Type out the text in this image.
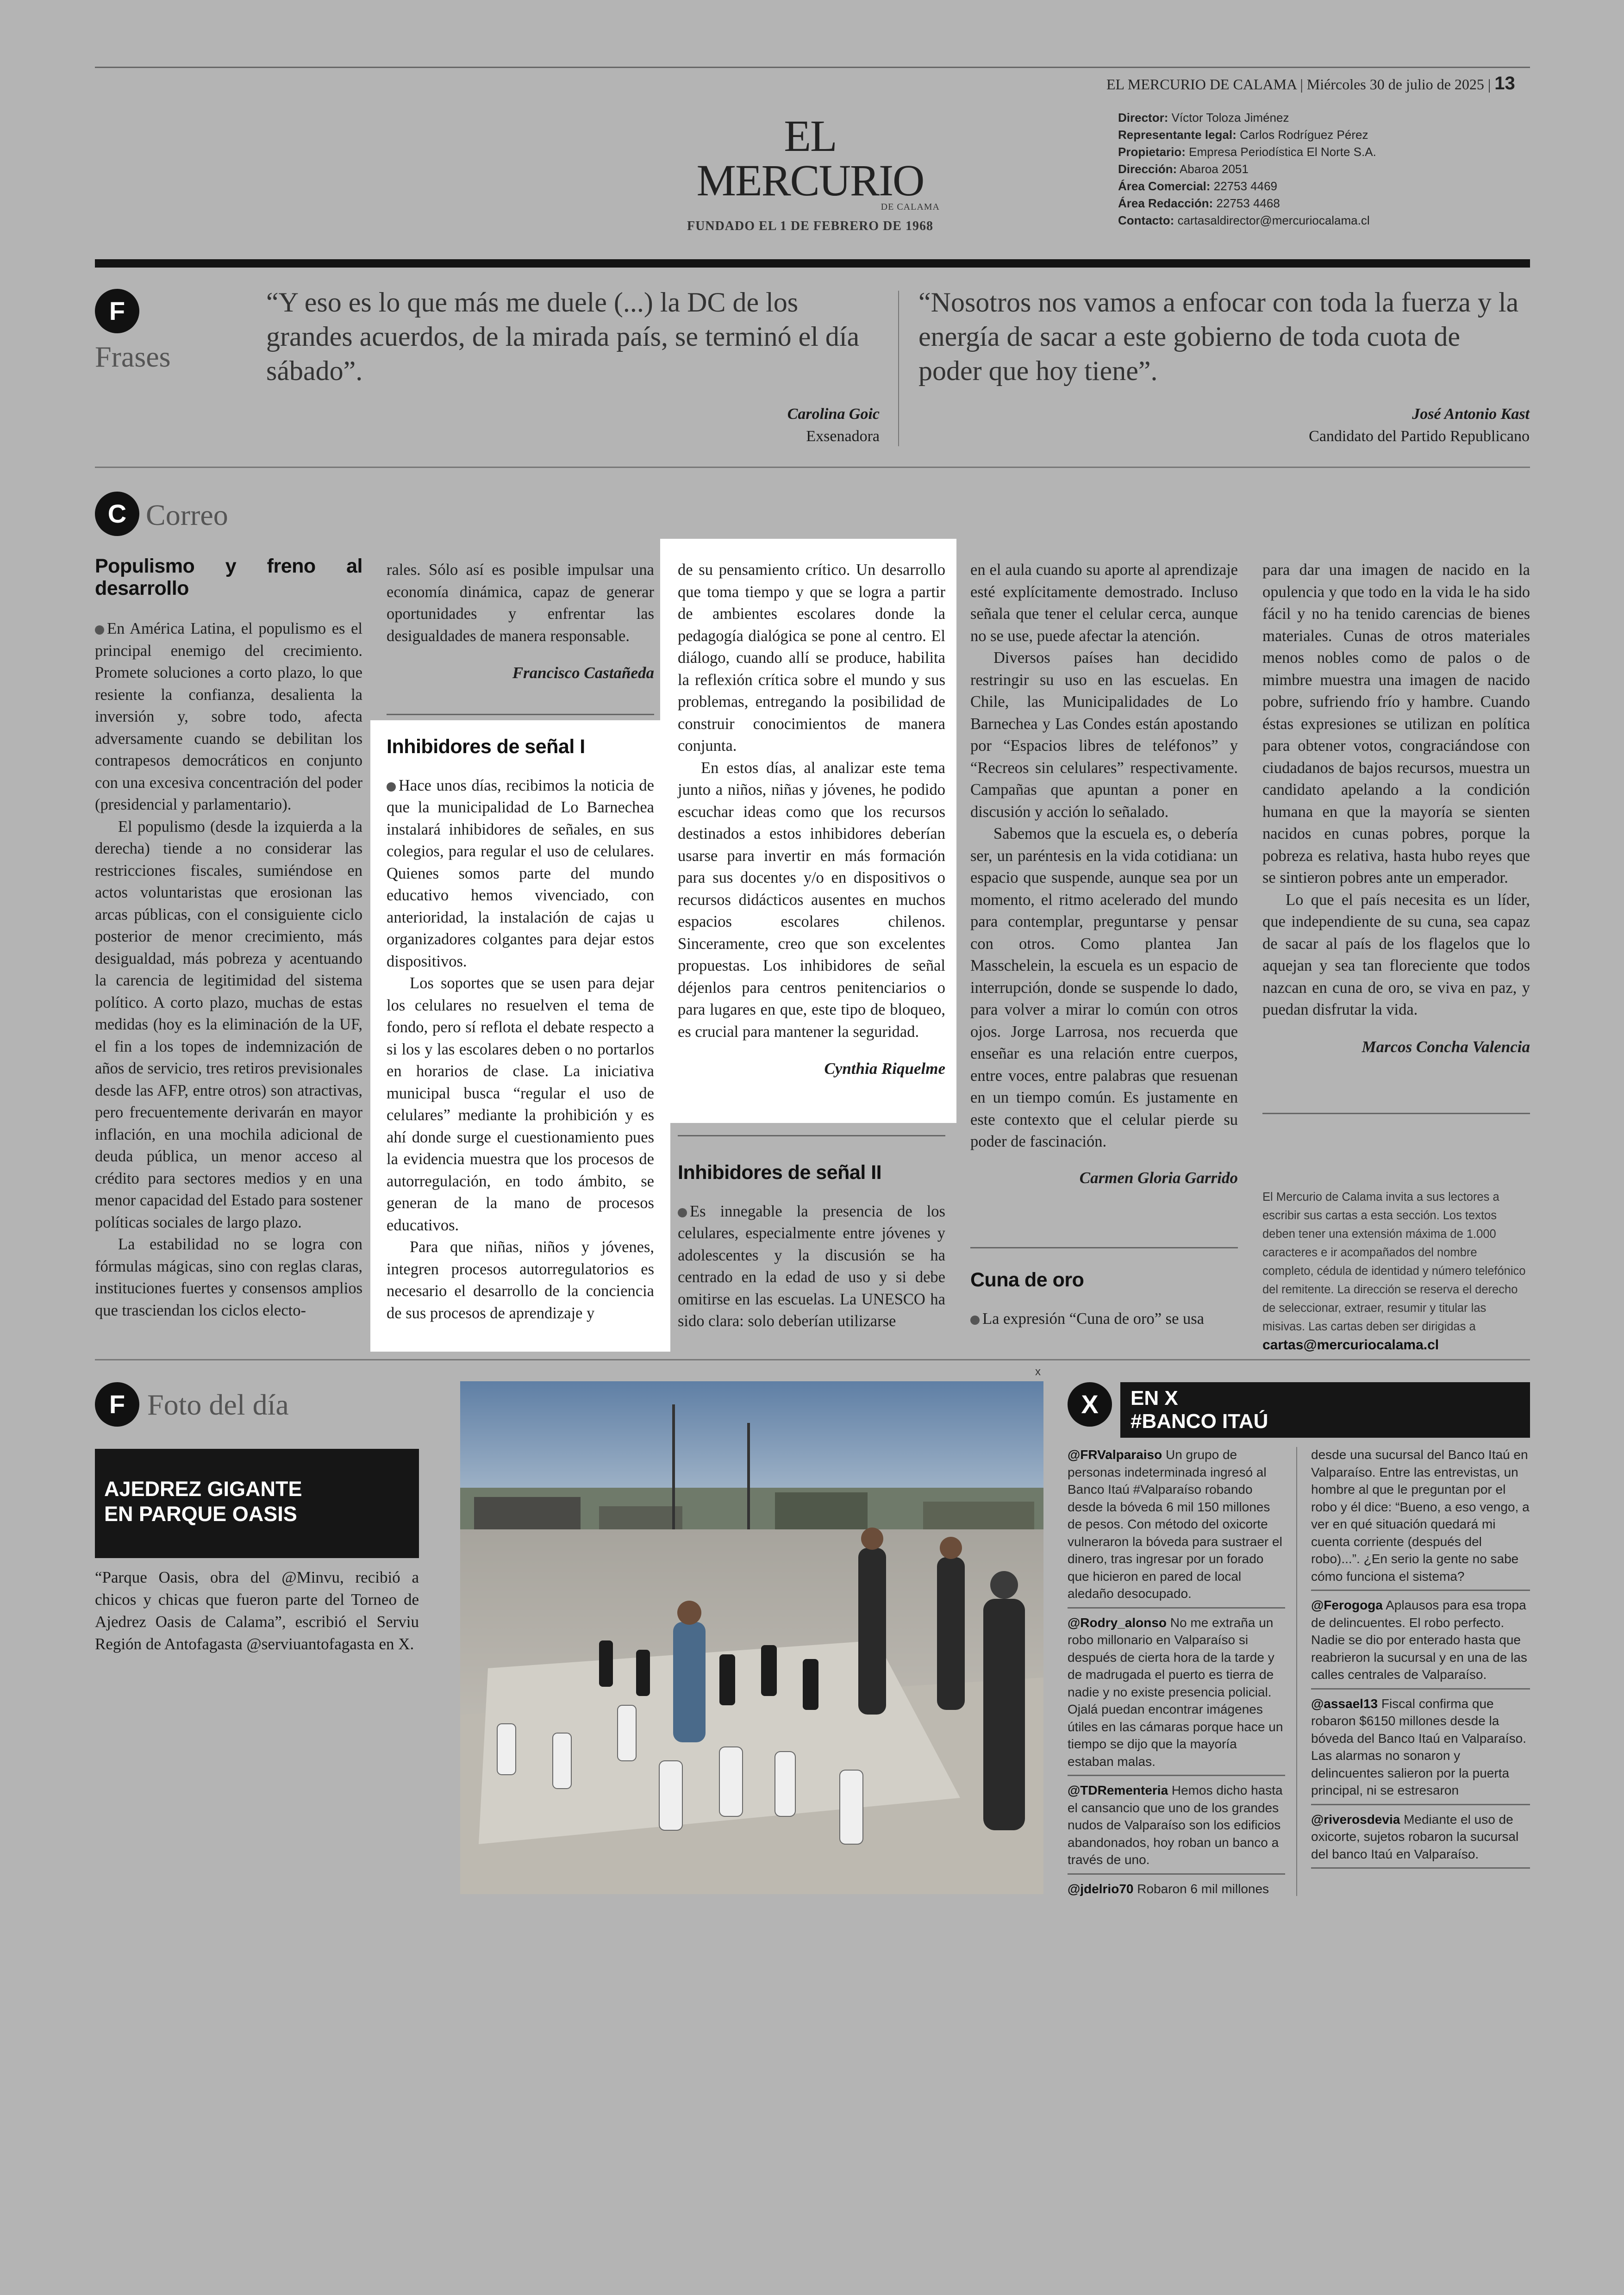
EL MERCURIO DE CALAMA | Miércoles 30 de julio de 2025 | 13
EL MERCURIO
DE CALAMA
FUNDADO EL 1 DE FEBRERO DE 1968
Director: Víctor Toloza Jiménez
Representante legal: Carlos Rodríguez Pérez
Propietario: Empresa Periodística El Norte S.A.
Dirección: Abaroa 2051
Área Comercial: 22753 4469
Área Redacción: 22753 4468
Contacto: cartasaldirector@mercuriocalama.cl
F
Frases
“Y eso es lo que más me duele (...) la DC de los grandes acuerdos, de la mirada país, se terminó el día sábado”.
Carolina Goic
Exsenadora
“Nosotros nos vamos a enfocar con toda la fuerza y la energía de sacar a este gobierno de toda cuota de poder que hoy tiene”.
José Antonio Kast
Candidato del Partido Republicano
C Correo
Populismo y freno al desarrollo

En América Latina, el populismo es el principal enemigo del crecimiento. Promete soluciones a corto plazo, lo que resiente la confianza, desalienta la inversión y, sobre todo, afecta adversamente cuando se debilitan los contrapesos democráticos en conjunto con una excesiva concentración del poder (presidencial y parlamentario).

El populismo (desde la izquierda a la derecha) tiende a no considerar las restricciones fiscales, sumiéndose en actos voluntaristas que erosionan las arcas públicas, con el consiguiente ciclo posterior de menor crecimiento, más desigualdad, más pobreza y acentuando la carencia de legitimidad del sistema político. A corto plazo, muchas de estas medidas (hoy es la eliminación de la UF, el fin a los topes de indemnización de años de servicio, tres retiros previsionales desde las AFP, entre otros) son atractivas, pero frecuentemente derivarán en mayor inflación, en una mochila adicional de deuda pública, un menor acceso al crédito para sectores medios y en una menor capacidad del Estado para sostener políticas sociales de largo plazo.

La estabilidad no se logra con fórmulas mágicas, sino con reglas claras, instituciones fuertes y consensos amplios que trasciendan los ciclos electo-

rales. Sólo así es posible impulsar una economía dinámica, capaz de generar oportunidades y enfrentar las desigualdades de manera responsable.

Francisco Castañeda
Inhibidores de señal I

Hace unos días, recibimos la noticia de que la municipalidad de Lo Barnechea instalará inhibidores de señales, en sus colegios, para regular el uso de celulares. Quienes somos parte del mundo educativo hemos vivenciado, con anterioridad, la instalación de cajas u organizadores colgantes para dejar estos dispositivos.

Los soportes que se usen para dejar los celulares no resuelven el tema de fondo, pero sí reflota el debate respecto a si los y las escolares deben o no portarlos en horarios de clase. La iniciativa municipal busca “regular el uso de celulares” mediante la prohibición y es ahí donde surge el cuestionamiento pues la evidencia muestra que los procesos de autorregulación, en todo ámbito, se generan de la mano de procesos educativos.

Para que niñas, niños y jóvenes, integren procesos autorregulatorios es necesario el desarrollo de la conciencia de sus procesos de aprendizaje y

de su pensamiento crítico. Un desarrollo que toma tiempo y que se logra a partir de ambientes escolares donde la pedagogía dialógica se pone al centro. El diálogo, cuando allí se produce, habilita la reflexión crítica sobre el mundo y sus problemas, entregando la posibilidad de construir conocimientos de manera conjunta.

En estos días, al analizar este tema junto a niños, niñas y jóvenes, he podido escuchar ideas como que los recursos destinados a estos inhibidores deberían usarse para invertir en más formación para sus docentes y/o en dispositivos o recursos didácticos ausentes en muchos espacios escolares chilenos. Sinceramente, creo que son excelentes propuestas. Los inhibidores de señal déjenlos para centros penitenciarios o para lugares en que, este tipo de bloqueo, es crucial para mantener la seguridad.

Cynthia Riquelme
Inhibidores de señal II

Es innegable la presencia de los celulares, especialmente entre jóvenes y adolescentes y la discusión se ha centrado en la edad de uso y si debe omitirse en las escuelas. La UNESCO ha sido clara: solo deberían utilizarse

en el aula cuando su aporte al aprendizaje esté explícitamente demostrado. Incluso señala que tener el celular cerca, aunque no se use, puede afectar la atención.

Diversos países han decidido restringir su uso en las escuelas. En Chile, las Municipalidades de Lo Barnechea y Las Condes están apostando por “Espacios libres de teléfonos” y “Recreos sin celulares” respectivamente. Campañas que apuntan a poner en discusión y acción lo señalado.

Sabemos que la escuela es, o debería ser, un paréntesis en la vida cotidiana: un espacio que suspende, aunque sea por un momento, el ritmo acelerado del mundo para contemplar, preguntarse y pensar con otros. Como plantea Jan Masschelein, la escuela es un espacio de interrupción, donde se suspende lo dado, para volver a mirar lo común con otros ojos. Jorge Larrosa, nos recuerda que enseñar es una relación entre cuerpos, entre voces, entre palabras que resuenan en un tiempo común. Es justamente en este contexto que el celular pierde su poder de fascinación.

Carmen Gloria Garrido
Cuna de oro

La expresión “Cuna de oro” se usa

para dar una imagen de nacido en la opulencia y que todo en la vida le ha sido fácil y no ha tenido carencias de bienes materiales. Cunas de otros materiales menos nobles como de palos o de mimbre muestra una imagen de nacido pobre, sufriendo frío y hambre. Cuando éstas expresiones se utilizan en política para obtener votos, congraciándose con ciudadanos de bajos recursos, muestra un candidato apelando a la condición humana en que la mayoría se sienten nacidos en cunas pobres, porque la pobreza es relativa, hasta hubo reyes que se sintieron pobres ante un emperador.

Lo que el país necesita es un líder, que independiente de su cuna, sea capaz de sacar al país de los flagelos que lo aquejan y sea tan floreciente que todos nazcan en cuna de oro, se viva en paz, y puedan disfrutar la vida.

Marcos Concha Valencia
El Mercurio de Calama invita a sus lectores a escribir sus cartas a esta sección. Los textos deben tener una extensión máxima de 1.000 caracteres e ir acompañados del nombre completo, cédula de identidad y número telefónico del remitente. La dirección se reserva el derecho de seleccionar, extraer, resumir y titular las misivas. Las cartas deben ser dirigidas a cartas@mercuriocalama.cl
F Foto del día
AJEDREZ GIGANTE EN PARQUE OASIS
“Parque Oasis, obra del @Minvu, recibió a chicos y chicas que fueron parte del Torneo de Ajedrez Oasis de Calama”, escribió el Serviu Región de Antofagasta @serviuantofagasta en X.
x
X	EN X
#BANCO ITAÚ
@FRValparaiso Un grupo de personas indeterminada ingresó al Banco Itaú #Valparaíso robando desde la bóveda 6 mil 150 millones de pesos. Con método del oxicorte vulneraron la bóveda para sustraer el dinero, tras ingresar por un forado que hicieron en pared de local aledaño desocupado.
@Rodry_alonso No me extraña un robo millonario en Valparaíso si después de cierta hora de la tarde y de madrugada el puerto es tierra de nadie y no existe presencia policial. Ojalá puedan encontrar imágenes útiles en las cámaras porque hace un tiempo se dijo que la mayoría estaban malas.
@TDRementeria Hemos dicho hasta el cansancio que uno de los grandes nudos de Valparaíso son los edificios abandonados, hoy roban un banco a través de uno.
@jdelrio70 Robaron 6 mil millones
desde una sucursal del Banco Itaú en Valparaíso. Entre las entrevistas, un hombre al que le preguntan por el robo y él dice: “Bueno, a eso vengo, a ver en qué situación quedará mi cuenta corriente (después del robo)...”. ¿En serio la gente no sabe cómo funciona el sistema?
@Ferogoga Aplausos para esa tropa de delincuentes. El robo perfecto. Nadie se dio por enterado hasta que reabrieron la sucursal y en una de las calles centrales de Valparaíso.
@assael13 Fiscal confirma que robaron $6150 millones desde la bóveda del Banco Itaú en Valparaíso. Las alarmas no sonaron y delincuentes salieron por la puerta principal, ni se estresaron
@riverosdevia Mediante el uso de oxicorte, sujetos robaron la sucursal del banco Itaú en Valparaíso.
